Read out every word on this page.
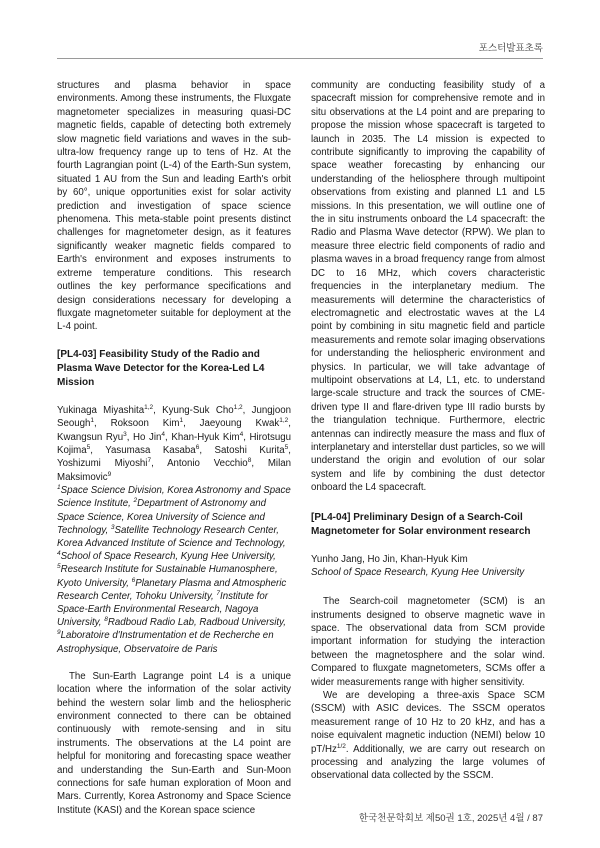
포스터발표초록

structures and plasma behavior in space environments. Among these instruments, the Fluxgate magnetometer specializes in measuring quasi-DC magnetic fields, capable of detecting both extremely slow magnetic field variations and waves in the sub-ultra-low frequency range up to tens of Hz. At the fourth Lagrangian point (L-4) of the Earth-Sun system, situated 1 AU from the Sun and leading Earth's orbit by 60°, unique opportunities exist for solar activity prediction and investigation of space science phenomena. This meta-stable point presents distinct challenges for magnetometer design, as it features significantly weaker magnetic fields compared to Earth's environment and exposes instruments to extreme temperature conditions. This research outlines the key performance specifications and design considerations necessary for developing a fluxgate magnetometer suitable for deployment at the L-4 point.

[PL4-03] Feasibility Study of the Radio and Plasma Wave Detector for the Korea-Led L4 Mission

Yukinaga Miyashita$^{1,2}$, Kyung-Suk Cho$^{1,2}$, Jungjoon Seough$^1$, Roksoon Kim$^1$, Jaeyoung Kwak$^{1,2}$, Kwangsun Ryu$^3$, Ho Jin$^4$, Khan-Hyuk Kim$^4$, Hirotsugu Kojima$^5$, Yasumasa Kasaba$^6$, Satoshi Kurita$^5$, Yoshizumi Miyoshi$^7$, Antonio Vecchio$^8$, Milan Maksimovic$^9$

$^1$Space Science Division, Korea Astronomy and Space Science Institute, $^2$Department of Astronomy and Space Science, Korea University of Science and Technology, $^3$Satellite Technology Research Center, Korea Advanced Institute of Science and Technology, $^4$School of Space Research, Kyung Hee University, $^5$Research Institute for Sustainable Humanosphere, Kyoto University, $^6$Planetary Plasma and Atmospheric Research Center, Tohoku University, $^7$Institute for Space-Earth Environmental Research, Nagoya University, $^8$Radboud Radio Lab, Radboud University, $^9$Laboratoire d'Instrumentation et de Recherche en Astrophysique, Observatoire de Paris

The Sun-Earth Lagrange point L4 is a unique location where the information of the solar activity behind the western solar limb and the heliospheric environment connected to there can be obtained continuously with remote-sensing and in situ instruments. The observations at the L4 point are helpful for monitoring and forecasting space weather and understanding the Sun-Earth and Sun-Moon connections for safe human exploration of Moon and Mars. Currently, Korea Astronomy and Space Science Institute (KASI) and the Korean space science

community are conducting feasibility study of a spacecraft mission for comprehensive remote and in situ observations at the L4 point and are preparing to propose the mission whose spacecraft is targeted to launch in 2035. The L4 mission is expected to contribute significantly to improving the capability of space weather forecasting by enhancing our understanding of the heliosphere through multipoint observations from existing and planned L1 and L5 missions. In this presentation, we will outline one of the in situ instruments onboard the L4 spacecraft: the Radio and Plasma Wave detector (RPW). We plan to measure three electric field components of radio and plasma waves in a broad frequency range from almost DC to 16 MHz, which covers characteristic frequencies in the interplanetary medium. The measurements will determine the characteristics of electromagnetic and electrostatic waves at the L4 point by combining in situ magnetic field and particle measurements and remote solar imaging observations for understanding the heliospheric environment and physics. In particular, we will take advantage of multipoint observations at L4, L1, etc. to understand large-scale structure and track the sources of CME-driven type II and flare-driven type III radio bursts by the triangulation technique. Furthermore, electric antennas can indirectly measure the mass and flux of interplanetary and interstellar dust particles, so we will understand the origin and evolution of our solar system and life by combining the dust detector onboard the L4 spacecraft.

[PL4-04] Preliminary Design of a Search-Coil Magnetometer for Solar environment research

Yunho Jang, Ho Jin, Khan-Hyuk Kim

School of Space Research, Kyung Hee University

The Search-coil magnetometer (SCM) is an instruments designed to observe magnetic wave in space. The observational data from SCM provide important information for studying the interaction between the magnetosphere and the solar wind. Compared to fluxgate magnetometers, SCMs offer a wider measurements range with higher sensitivity.

We are developing a three-axis Space SCM (SSCM) with ASIC devices. The SSCM operatos measurement range of 10 Hz to 20 kHz, and has a noise equivalent magnetic induction (NEMI) below 10 $pT/Hz^{1/2}$. Additionally, we are carry out research on processing and analyzing the large volumes of observational data collected by the SSCM.

한국천문학회보 제50권 1호, 2025년 4월 / 87
